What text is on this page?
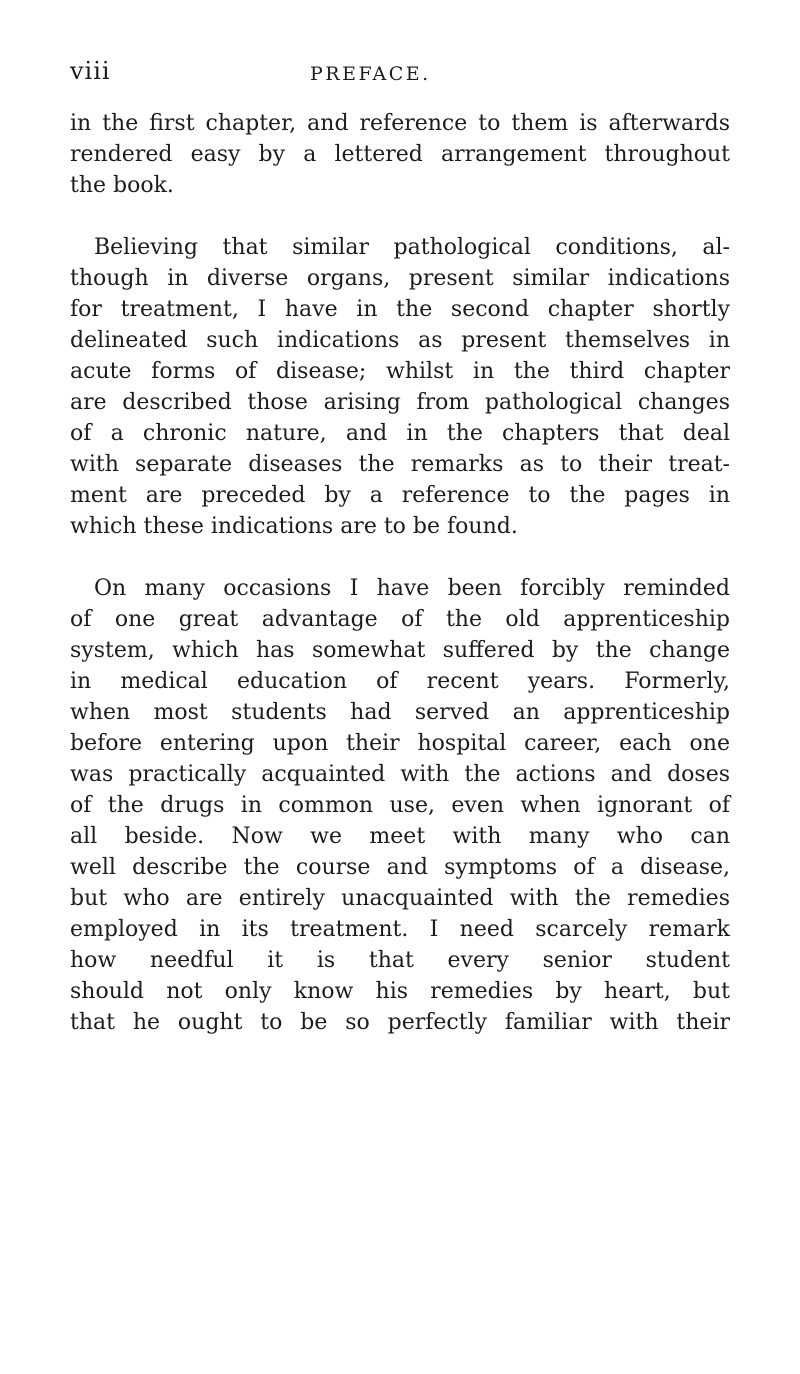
viii	PREFACE.
in the first chapter, and reference to them is afterwards
rendered easy by a lettered arrangement throughout
the book.
Believing that similar pathological conditions, al-
though in diverse organs, present similar indications
for treatment, I have in the second chapter shortly
delineated such indications as present themselves in
acute forms of disease; whilst in the third chapter
are described those arising from pathological changes
of a chronic nature, and in the chapters that deal
with separate diseases the remarks as to their treat-
ment are preceded by a reference to the pages in
which these indications are to be found.
On many occasions I have been forcibly reminded
of one great advantage of the old apprenticeship
system, which has somewhat suffered by the change
in medical education of recent years. Formerly,
when most students had served an apprenticeship
before entering upon their hospital career, each one
was practically acquainted with the actions and doses
of the drugs in common use, even when ignorant of
all beside. Now we meet with many who can
well describe the course and symptoms of a disease,
but who are entirely unacquainted with the remedies
employed in its treatment. I need scarcely remark
how needful it is that every senior student
should not only know his remedies by heart, but
that he ought to be so perfectly familiar with their
